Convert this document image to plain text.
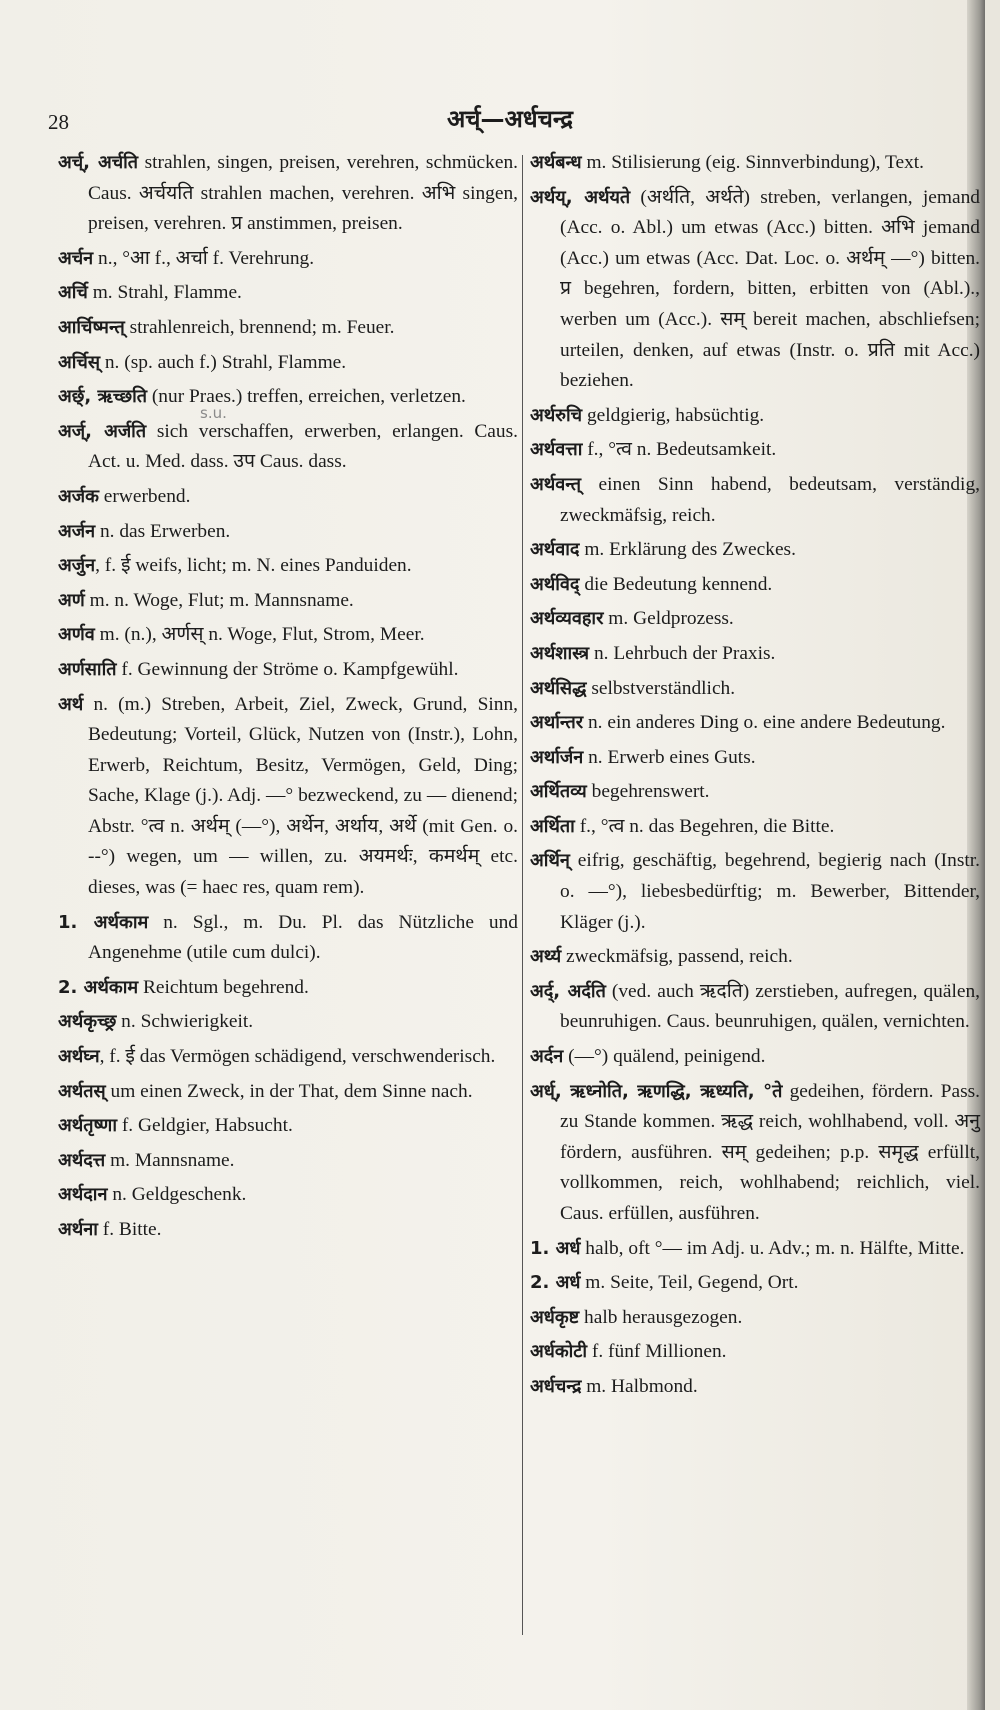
28	अर्च्—अर्धचन्द्र
s.u.

अर्च्, अर्चति strahlen, singen, preisen, verehren, schmücken. Caus. अर्चयति strahlen machen, verehren. अभि singen, preisen, verehren. प्र anstimmen, preisen.

अर्चन n., °आ f., अर्चा f. Verehrung.

अर्चि m. Strahl, Flamme.

आर्चिष्मन्त् strahlenreich, brennend; m. Feuer.

अर्चिस् n. (sp. auch f.) Strahl, Flamme.

अर्छ्, ऋच्छति (nur Praes.) treffen, erreichen, verletzen.

अर्ज्, अर्जति sich verschaffen, erwerben, erlangen. Caus. Act. u. Med. dass. उप Caus. dass.

अर्जक erwerbend.

अर्जन n. das Erwerben.

अर्जुन, f. ई weifs, licht; m. N. eines Panduiden.

अर्ण m. n. Woge, Flut; m. Mannsname.

अर्णव m. (n.), अर्णस् n. Woge, Flut, Strom, Meer.

अर्णसाति f. Gewinnung der Ströme o. Kampfgewühl.

अर्थ n. (m.) Streben, Arbeit, Ziel, Zweck, Grund, Sinn, Bedeutung; Vorteil, Glück, Nutzen von (Instr.), Lohn, Erwerb, Reichtum, Besitz, Vermögen, Geld, Ding; Sache, Klage (j.). Adj. —° bezweckend, zu — dienend; Abstr. °त्व n. अर्थम् (—°), अर्थेन, अर्थाय, अर्थे (mit Gen. o. --°) wegen, um — willen, zu. अयमर्थः, कमर्थम् etc. dieses, was (= haec res, quam rem).

1. अर्थकाम n. Sgl., m. Du. Pl. das Nützliche und Angenehme (utile cum dulci).

2. अर्थकाम Reichtum begehrend.

अर्थकृच्छ्र n. Schwierigkeit.

अर्थघ्न, f. ई das Vermögen schädigend, verschwenderisch.

अर्थतस् um einen Zweck, in der That, dem Sinne nach.

अर्थतृष्णा f. Geldgier, Habsucht.

अर्थदत्त m. Mannsname.

अर्थदान n. Geldgeschenk.

अर्थना f. Bitte.

अर्थबन्ध m. Stilisierung (eig. Sinnverbindung), Text.

अर्थय्, अर्थयते (अर्थति, अर्थते) streben, verlangen, jemand (Acc. o. Abl.) um etwas (Acc.) bitten. अभि jemand (Acc.) um etwas (Acc. Dat. Loc. o. अर्थम् —°) bitten. प्र begehren, fordern, bitten, erbitten von (Abl.)., werben um (Acc.). सम् bereit machen, abschliefsen; urteilen, denken, auf etwas (Instr. o. प्रति mit Acc.) beziehen.

अर्थरुचि geldgierig, habsüchtig.

अर्थवत्ता f., °त्व n. Bedeutsamkeit.

अर्थवन्त् einen Sinn habend, bedeutsam, verständig, zweckmäfsig, reich.

अर्थवाद m. Erklärung des Zweckes.

अर्थविद् die Bedeutung kennend.

अर्थव्यवहार m. Geldprozess.

अर्थशास्त्र n. Lehrbuch der Praxis.

अर्थसिद्ध selbstverständlich.

अर्थान्तर n. ein anderes Ding o. eine andere Bedeutung.

अर्थार्जन n. Erwerb eines Guts.

अर्थितव्य begehrenswert.

अर्थिता f., °त्व n. das Begehren, die Bitte.

अर्थिन् eifrig, geschäftig, begehrend, begierig nach (Instr. o. —°), liebesbedürftig; m. Bewerber, Bittender, Kläger (j.).

अर्थ्य zweckmäfsig, passend, reich.

अर्द्, अर्दति (ved. auch ऋदति) zerstieben, aufregen, quälen, beunruhigen. Caus. beunruhigen, quälen, vernichten.

अर्दन (—°) quälend, peinigend.

अर्ध्, ऋध्नोति, ऋणद्धि, ऋध्यति, °ते gedeihen, fördern. Pass. zu Stande kommen. ऋद्ध reich, wohlhabend, voll. अनु fördern, ausführen. सम् gedeihen; p.p. समृद्ध erfüllt, vollkommen, reich, wohlhabend; reichlich, viel. Caus. erfüllen, ausführen.

1. अर्ध halb, oft °— im Adj. u. Adv.; m. n. Hälfte, Mitte.

2. अर्ध m. Seite, Teil, Gegend, Ort.

अर्धकृष्ट halb herausgezogen.

अर्धकोटी f. fünf Millionen.

अर्धचन्द्र m. Halbmond.
